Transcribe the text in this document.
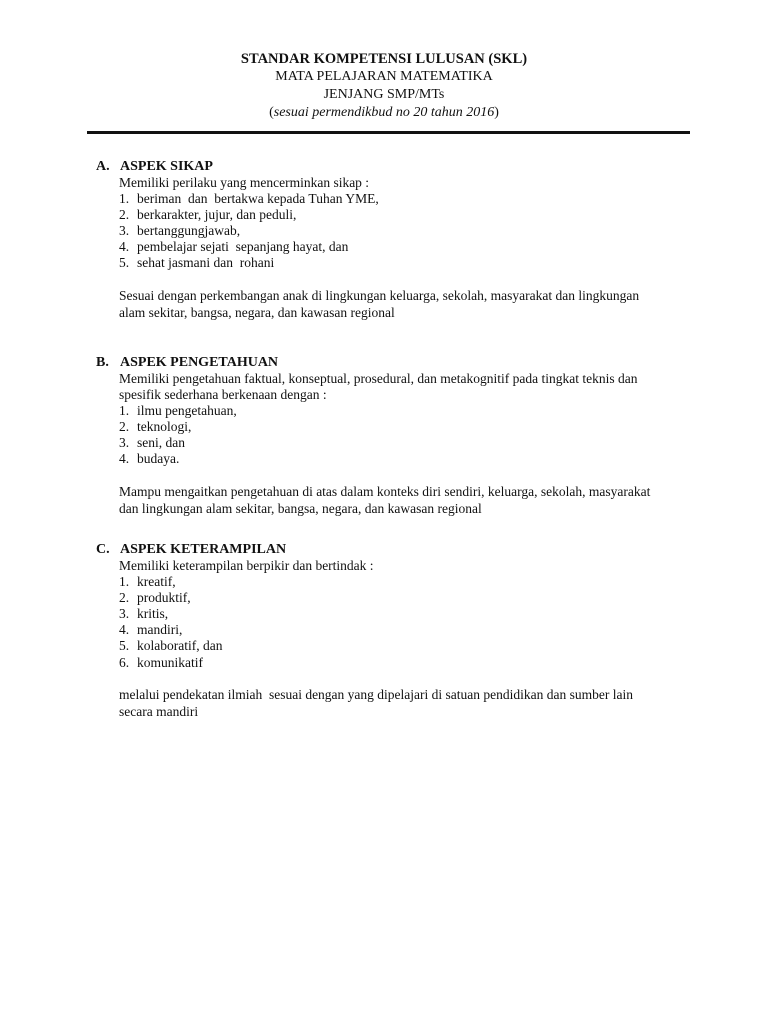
STANDAR KOMPETENSI LULUSAN (SKL)

MATA PELAJARAN MATEMATIKA

JENJANG SMP/MTs

(sesuai permendikbud no 20 tahun 2016)

A. ASPEK SIKAP

Memiliki perilaku yang mencerminkan sikap :

1. beriman  dan  bertakwa kepada Tuhan YME,
2. berkarakter, jujur, dan peduli,
3. bertanggungjawab,
4. pembelajar sejati  sepanjang hayat, dan
5. sehat jasmani dan  rohani

Sesuai dengan perkembangan anak di lingkungan keluarga, sekolah, masyarakat dan lingkungan

alam sekitar, bangsa, negara, dan kawasan regional

B. ASPEK PENGETAHUAN

Memiliki pengetahuan faktual, konseptual, prosedural, dan metakognitif pada tingkat teknis dan

spesifik sederhana berkenaan dengan :

1. ilmu pengetahuan,
2. teknologi,
3. seni, dan
4. budaya.

Mampu mengaitkan pengetahuan di atas dalam konteks diri sendiri, keluarga, sekolah, masyarakat

dan lingkungan alam sekitar, bangsa, negara, dan kawasan regional

C. ASPEK KETERAMPILAN

Memiliki keterampilan berpikir dan bertindak :

1. kreatif,
2. produktif,
3. kritis,
4. mandiri,
5. kolaboratif, dan
6. komunikatif

melalui pendekatan ilmiah  sesuai dengan yang dipelajari di satuan pendidikan dan sumber lain

secara mandiri
